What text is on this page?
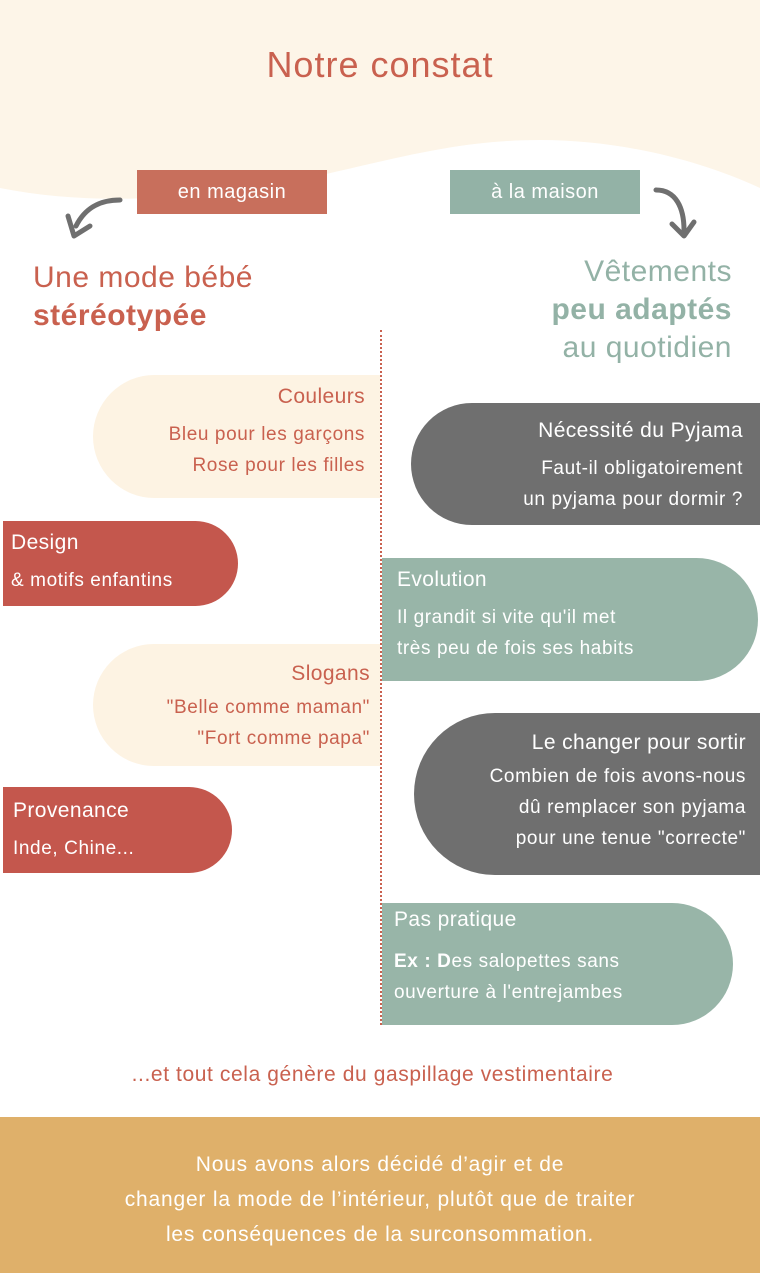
Notre constat
en magasin	à la maison
Une mode bébé
stéréotypée
Vêtements
peu adaptés
au quotidien
Couleurs
Bleu pour les garçons
Rose pour les filles
Design
& motifs enfantins
Slogans
"Belle comme maman"
"Fort comme papa"
Provenance
Inde, Chine...
Nécessité du Pyjama
Faut-il obligatoirement
un pyjama pour dormir ?
Evolution
Il grandit si vite qu'il met
très peu de fois ses habits
Le changer pour sortir
Combien de fois avons-nous
dû remplacer son pyjama
pour une tenue "correcte"
Pas pratique
Ex : Des salopettes sans
ouverture à l'entrejambes
...et tout cela génère du gaspillage vestimentaire
Nous avons alors décidé d’agir et de
changer la mode de l’intérieur, plutôt que de traiter
les conséquences de la surconsommation.
